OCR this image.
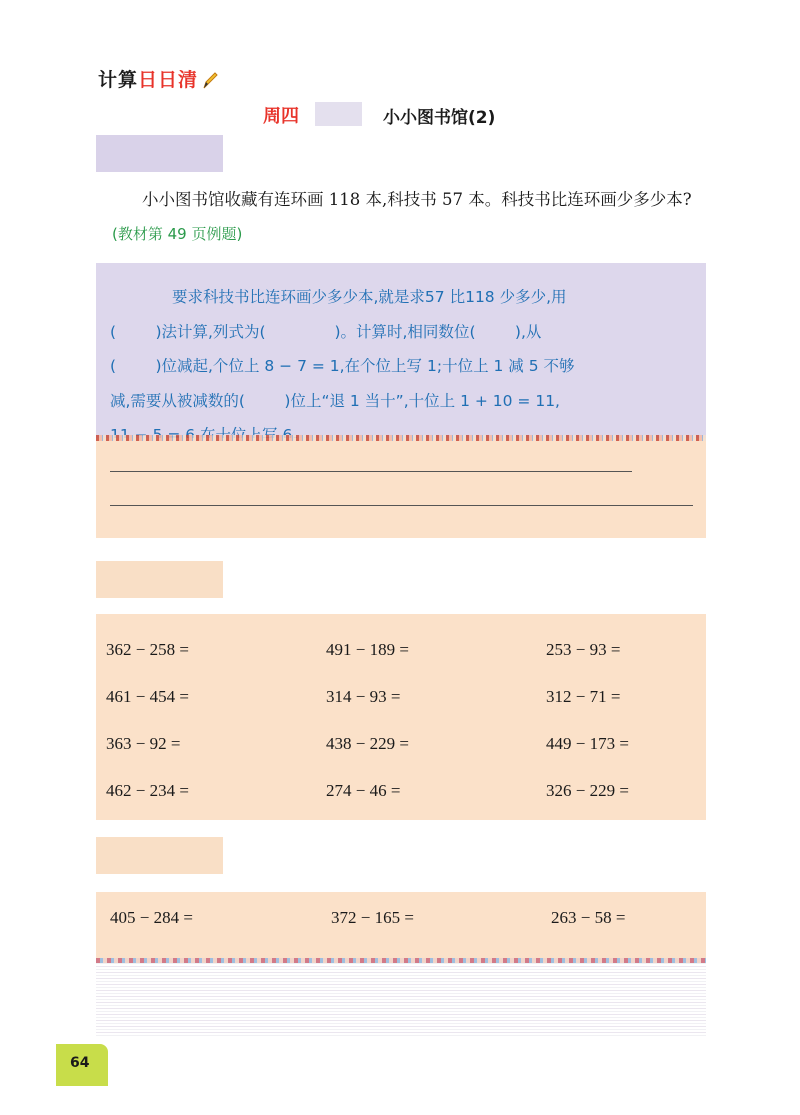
计算 日日清
周四	小小图书馆(2)
小小图书馆收藏有连环画 118 本,科技书 57 本。科技书比连环画少多少本?(教材第 49 页例题)
要求科技书比连环画少多少本,就是求57 比118 少多少,用
(        )法计算,列式为(              )。计算时,相同数位(        ),从
(        )位减起,个位上 8 − 7 = 1,在个位上写 1;十位上 1 减 5 不够
减,需要从被减数的(        )位上“退 1 当十”,十位上 1 + 10 = 11,
362 − 258 =	491 − 189 =	253 − 93 =
461 − 454 =	314 − 93 =	312 − 71 =
363 − 92 =	438 − 229 =	449 − 173 =
462 − 234 =	274 − 46 =	326 − 229 =
405 − 284 =	372 − 165 =	263 − 58 =
64
